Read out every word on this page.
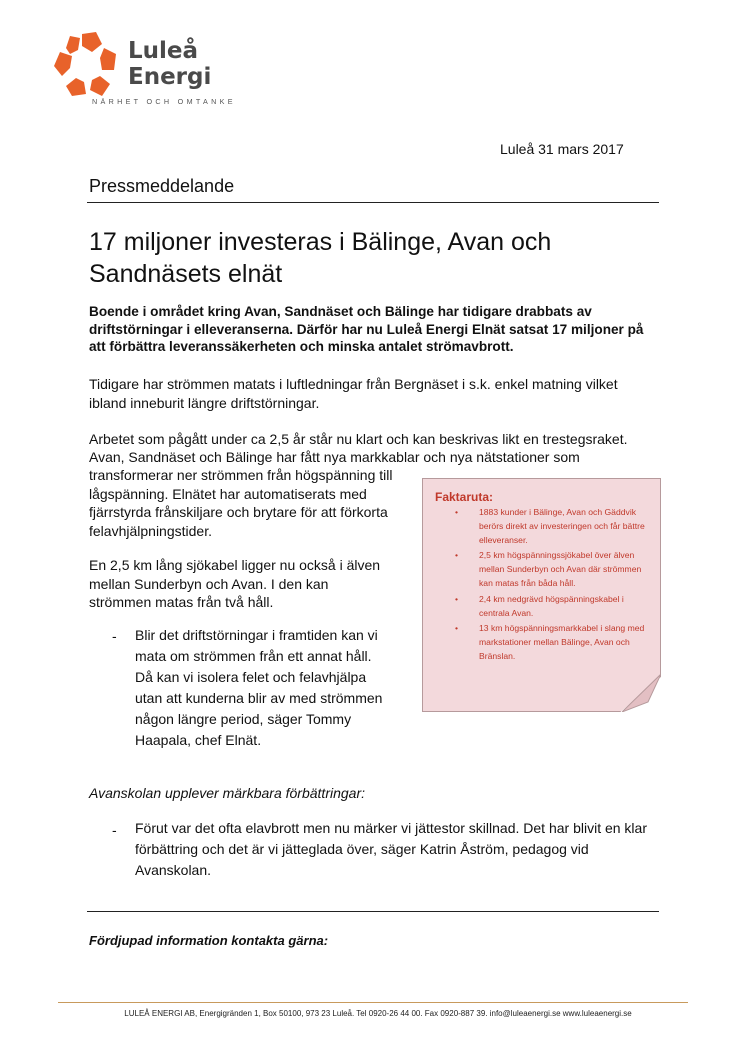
Luleå
Energi
NÄRHET OCH OMTANKE
Luleå 31 mars 2017
Pressmeddelande
17 miljoner investeras i Bälinge, Avan och Sandnäsets elnät

Boende i området kring Avan, Sandnäset och Bälinge har tidigare drabbats av driftstörningar i elleveranserna. Därför har nu Luleå Energi Elnät satsat 17 miljoner på att förbättra leveranssäkerheten och minska antalet strömavbrott.

Tidigare har strömmen matats i luftledningar från Bergnäset i s.k. enkel matning vilket ibland inneburit längre driftstörningar.

Arbetet som pågått under ca 2,5 år står nu klart och kan beskrivas likt en trestegsraket.

Avan, Sandnäset och Bälinge har fått nya markkablar och nya nätstationer som

transformerar ner strömmen från högspänning till lågspänning. Elnätet har automatiserats med fjärrstyrda frånskiljare och brytare för att förkorta felavhjälpningstider.

En 2,5 km lång sjökabel ligger nu också i älven mellan Sunderbyn och Avan. I den kan strömmen matas från två håll.

- Blir det driftstörningar i framtiden kan vi mata om strömmen från ett annat håll. Då kan vi isolera felet och felavhjälpa utan att kunderna blir av med strömmen någon längre period, säger Tommy Haapala, chef Elnät.

Faktaruta:
• 1883 kunder i Bälinge, Avan och Gäddvik berörs direkt av investeringen och får bättre elleveranser.
• 2,5 km högspänningssjökabel över älven mellan Sunderbyn och Avan där strömmen kan matas från båda håll.
• 2,4 km nedgrävd högspänningskabel i centrala Avan.
• 13 km högspänningsmarkkabel i slang med markstationer mellan Bälinge, Avan och Bränslan.

Avanskolan upplever märkbara förbättringar:

- Förut var det ofta elavbrott men nu märker vi jättestor skillnad. Det har blivit en klar förbättring och det är vi jätteglada över, säger Katrin Åström, pedagog vid Avanskolan.

Fördjupad information kontakta gärna:

LULEÅ ENERGI AB, Energigränden 1, Box 50100, 973 23 Luleå. Tel 0920-26 44 00. Fax 0920-887 39. info@luleaenergi.se www.luleaenergi.se
